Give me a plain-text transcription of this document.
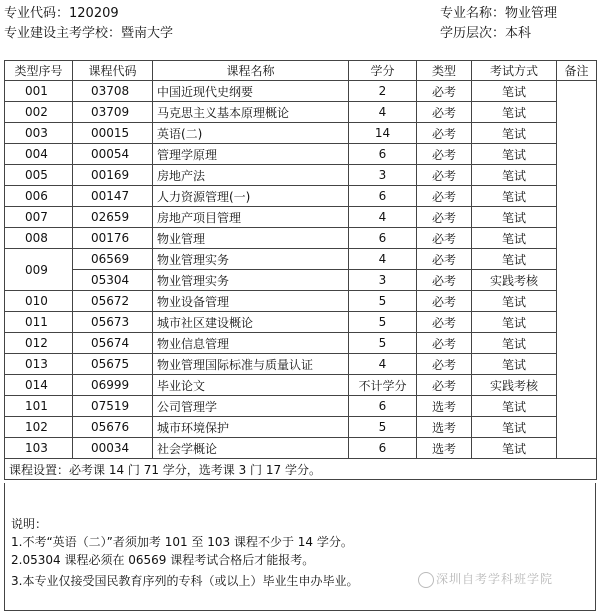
专业代码：120209
专业建设主考学校：暨南大学
专业名称：物业管理
学历层次：本科
类型序号	课程代码	课程名称	学分	类型	考试方式	备注
001	03708	中国近现代史纲要	2	必考	笔试	
002	03709	马克思主义基本原理概论	4	必考	笔试	
003	00015	英语(二)	14	必考	笔试	
004	00054	管理学原理	6	必考	笔试	
005	00169	房地产法	3	必考	笔试	
006	00147	人力资源管理(一)	6	必考	笔试	
007	02659	房地产项目管理	4	必考	笔试	
008	00176	物业管理	6	必考	笔试	
009	06569	物业管理实务	4	必考	笔试	
	05304	物业管理实务	3	必考	实践考核	
010	05672	物业设备管理	5	必考	笔试	
011	05673	城市社区建设概论	5	必考	笔试	
012	05674	物业信息管理	5	必考	笔试	
013	05675	物业管理国际标准与质量认证	4	必考	笔试	
014	06999	毕业论文	不计学分	必考	实践考核	
101	07519	公司管理学	6	选考	笔试	
102	05676	城市环境保护	5	选考	笔试	
103	00034	社会学概论	6	选考	笔试	
课程设置：必考课 14 门 71 学分，选考课 3 门 17 学分。						
说明：
1.不考“英语（二）”者须加考 101 至 103 课程不少于 14 学分。
2.05304 课程必须在 06569 课程考试合格后才能报考。
3.本专业仅接受国民教育序列的专科（或以上）毕业生申办毕业。	深圳自考学科班学院
